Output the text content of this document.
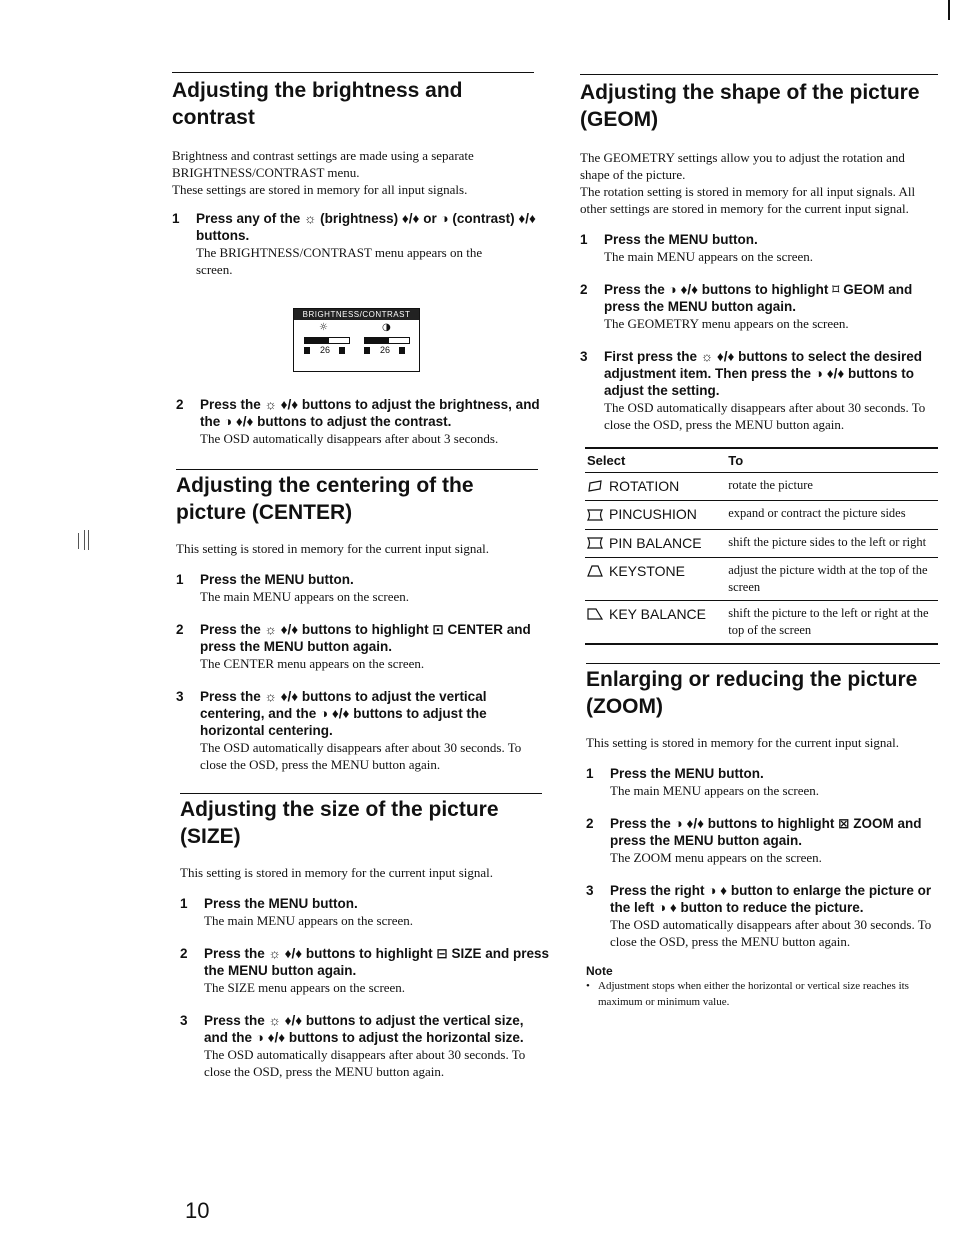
Adjusting the brightness and contrast

Brightness and contrast settings are made using a separate BRIGHTNESS/CONTRAST menu.

These settings are stored in memory for all input signals.

1 Press any of the ☼ (brightness) ♦/♦ or ◑ (contrast) ♦/♦ buttons.
The BRIGHTNESS/CONTRAST menu appears on the screen.
BRIGHTNESS/CONTRAST
☼	◑
26	26
2 Press the ☼ ♦/♦ buttons to adjust the brightness, and the ◑ ♦/♦ buttons to adjust the contrast.
The OSD automatically disappears after about 3 seconds.
Adjusting the centering of the picture (CENTER)

This setting is stored in memory for the current input signal.

1 Press the MENU button.
The main MENU appears on the screen.
2 Press the ☼ ♦/♦ buttons to highlight ⊡ CENTER and press the MENU button again.
The CENTER menu appears on the screen.
3 Press the ☼ ♦/♦ buttons to adjust the vertical centering, and the ◑ ♦/♦ buttons to adjust the horizontal centering.
The OSD automatically disappears after about 30 seconds. To close the OSD, press the MENU button again.
Adjusting the size of the picture (SIZE)

This setting is stored in memory for the current input signal.

1 Press the MENU button.
The main MENU appears on the screen.
2 Press the ☼ ♦/♦ buttons to highlight ⊟ SIZE and press the MENU button again.
The SIZE menu appears on the screen.
3 Press the ☼ ♦/♦ buttons to adjust the vertical size, and the ◑ ♦/♦ buttons to adjust the horizontal size.
The OSD automatically disappears after about 30 seconds. To close the OSD, press the MENU button again.
Adjusting the shape of the picture (GEOM)

The GEOMETRY settings allow you to adjust the rotation and shape of the picture.

The rotation setting is stored in memory for all input signals. All other settings are stored in memory for the current input signal.

1 Press the MENU button.
The main MENU appears on the screen.
2 Press the ◑ ♦/♦ buttons to highlight ⌑ GEOM and press the MENU button again.
The GEOMETRY menu appears on the screen.
3 First press the ☼ ♦/♦ buttons to select the desired adjustment item. Then press the ◑ ♦/♦ buttons to adjust the setting.
The OSD automatically disappears after about 30 seconds. To close the OSD, press the MENU button again.
Select	To
ROTATION	rotate the picture
PINCUSHION	expand or contract the picture sides
PIN BALANCE	shift the picture sides to the left or right
KEYSTONE	adjust the picture width at the top of the screen
KEY BALANCE	shift the picture to the left or right at the top of the screen
Enlarging or reducing the picture (ZOOM)

This setting is stored in memory for the current input signal.

1 Press the MENU button.
The main MENU appears on the screen.
2 Press the ◑ ♦/♦ buttons to highlight ⊠ ZOOM and press the MENU button again.
The ZOOM menu appears on the screen.
3 Press the right ◑ ♦ button to enlarge the picture or the left ◑ ♦ button to reduce the picture.
The OSD automatically disappears after about 30 seconds. To close the OSD, press the MENU button again.
Note
• Adjustment stops when either the horizontal or vertical size reaches its maximum or minimum value.
10
